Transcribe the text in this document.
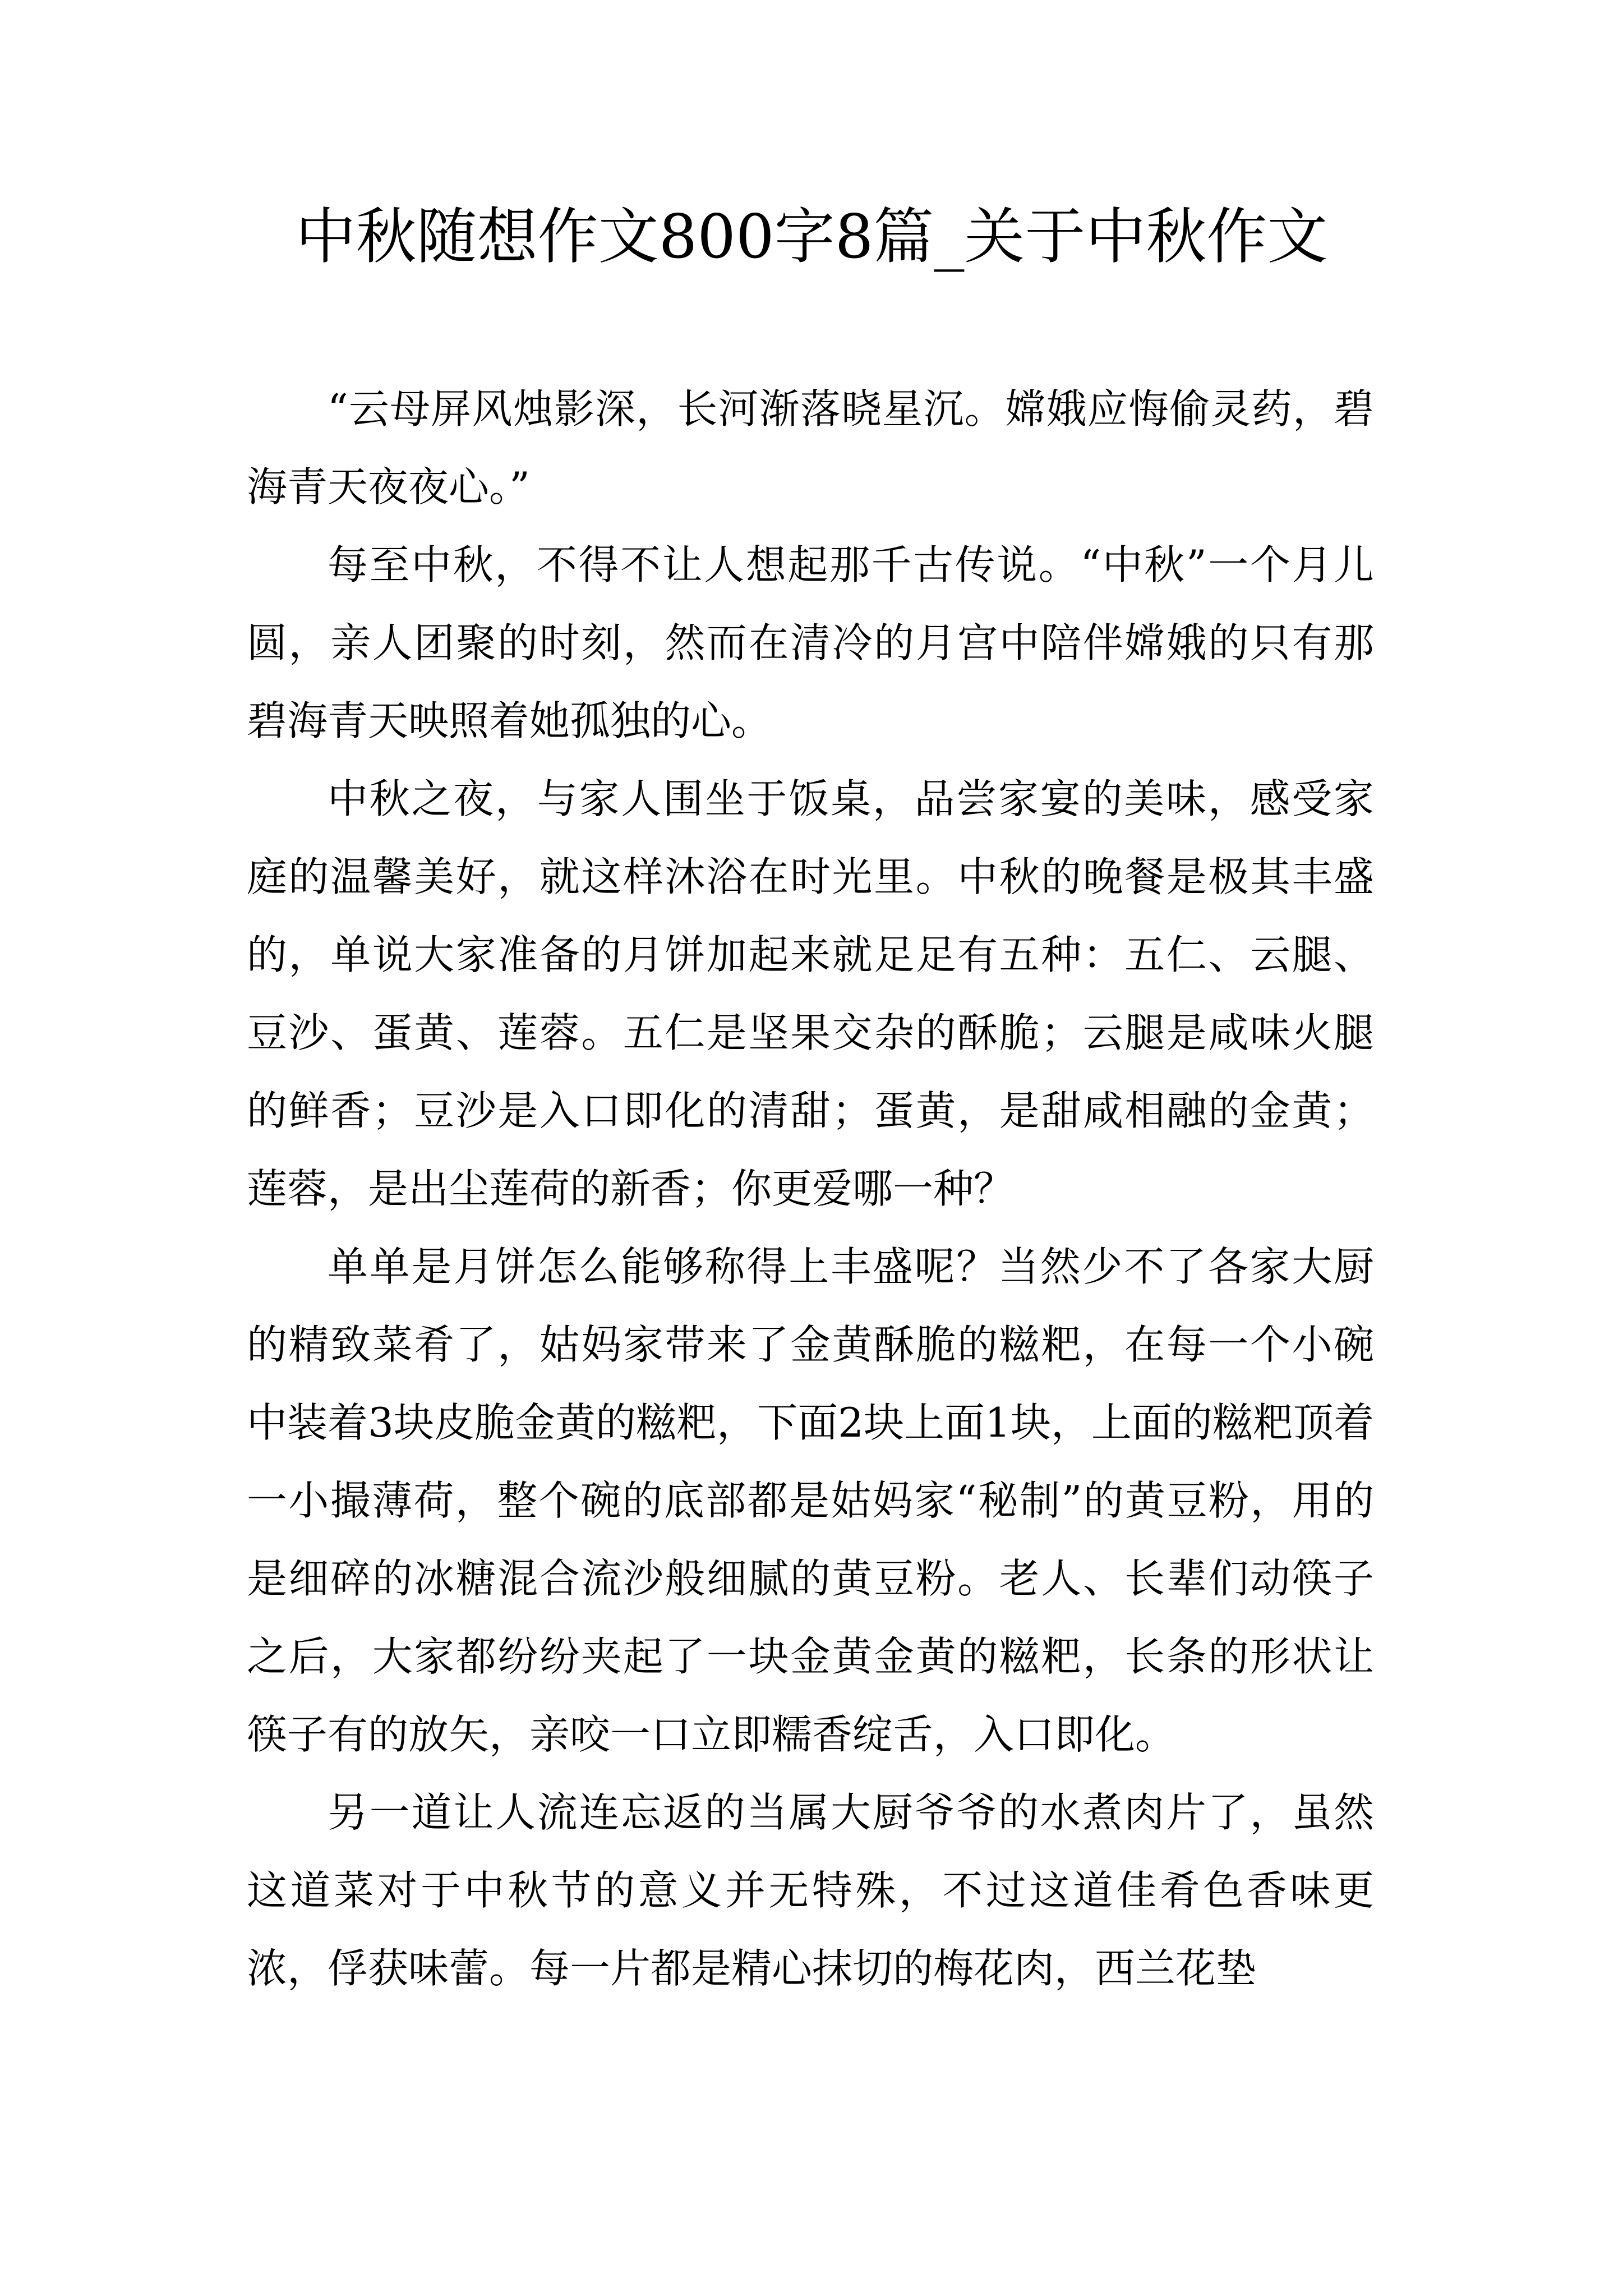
中秋随想作文800字8篇_关于中秋作文

“云母屏风烛影深，长河渐落晓星沉。嫦娥应悔偷灵药，碧海青天夜夜心。”

每至中秋，不得不让人想起那千古传说。“中秋”一个月儿圆，亲人团聚的时刻，然而在清冷的月宫中陪伴嫦娥的只有那碧海青天映照着她孤独的心。

中秋之夜，与家人围坐于饭桌，品尝家宴的美味，感受家庭的温馨美好，就这样沐浴在时光里。中秋的晚餐是极其丰盛的，单说大家准备的月饼加起来就足足有五种：五仁、云腿、豆沙、蛋黄、莲蓉。五仁是坚果交杂的酥脆；云腿是咸味火腿的鲜香；豆沙是入口即化的清甜；蛋黄，是甜咸相融的金黄；莲蓉，是出尘莲荷的新香；你更爱哪一种？

单单是月饼怎么能够称得上丰盛呢？当然少不了各家大厨的精致菜肴了，姑妈家带来了金黄酥脆的糍粑，在每一个小碗中装着3块皮脆金黄的糍粑，下面2块上面1块，上面的糍粑顶着一小撮薄荷，整个碗的底部都是姑妈家“秘制”的黄豆粉，用的是细碎的冰糖混合流沙般细腻的黄豆粉。老人、长辈们动筷子之后，大家都纷纷夹起了一块金黄金黄的糍粑，长条的形状让筷子有的放矢，亲咬一口立即糯香绽舌，入口即化。

另一道让人流连忘返的当属大厨爷爷的水煮肉片了，虽然这道菜对于中秋节的意义并无特殊，不过这道佳肴色香味更浓，俘获味蕾。每一片都是精心抹切的梅花肉，西兰花垫
